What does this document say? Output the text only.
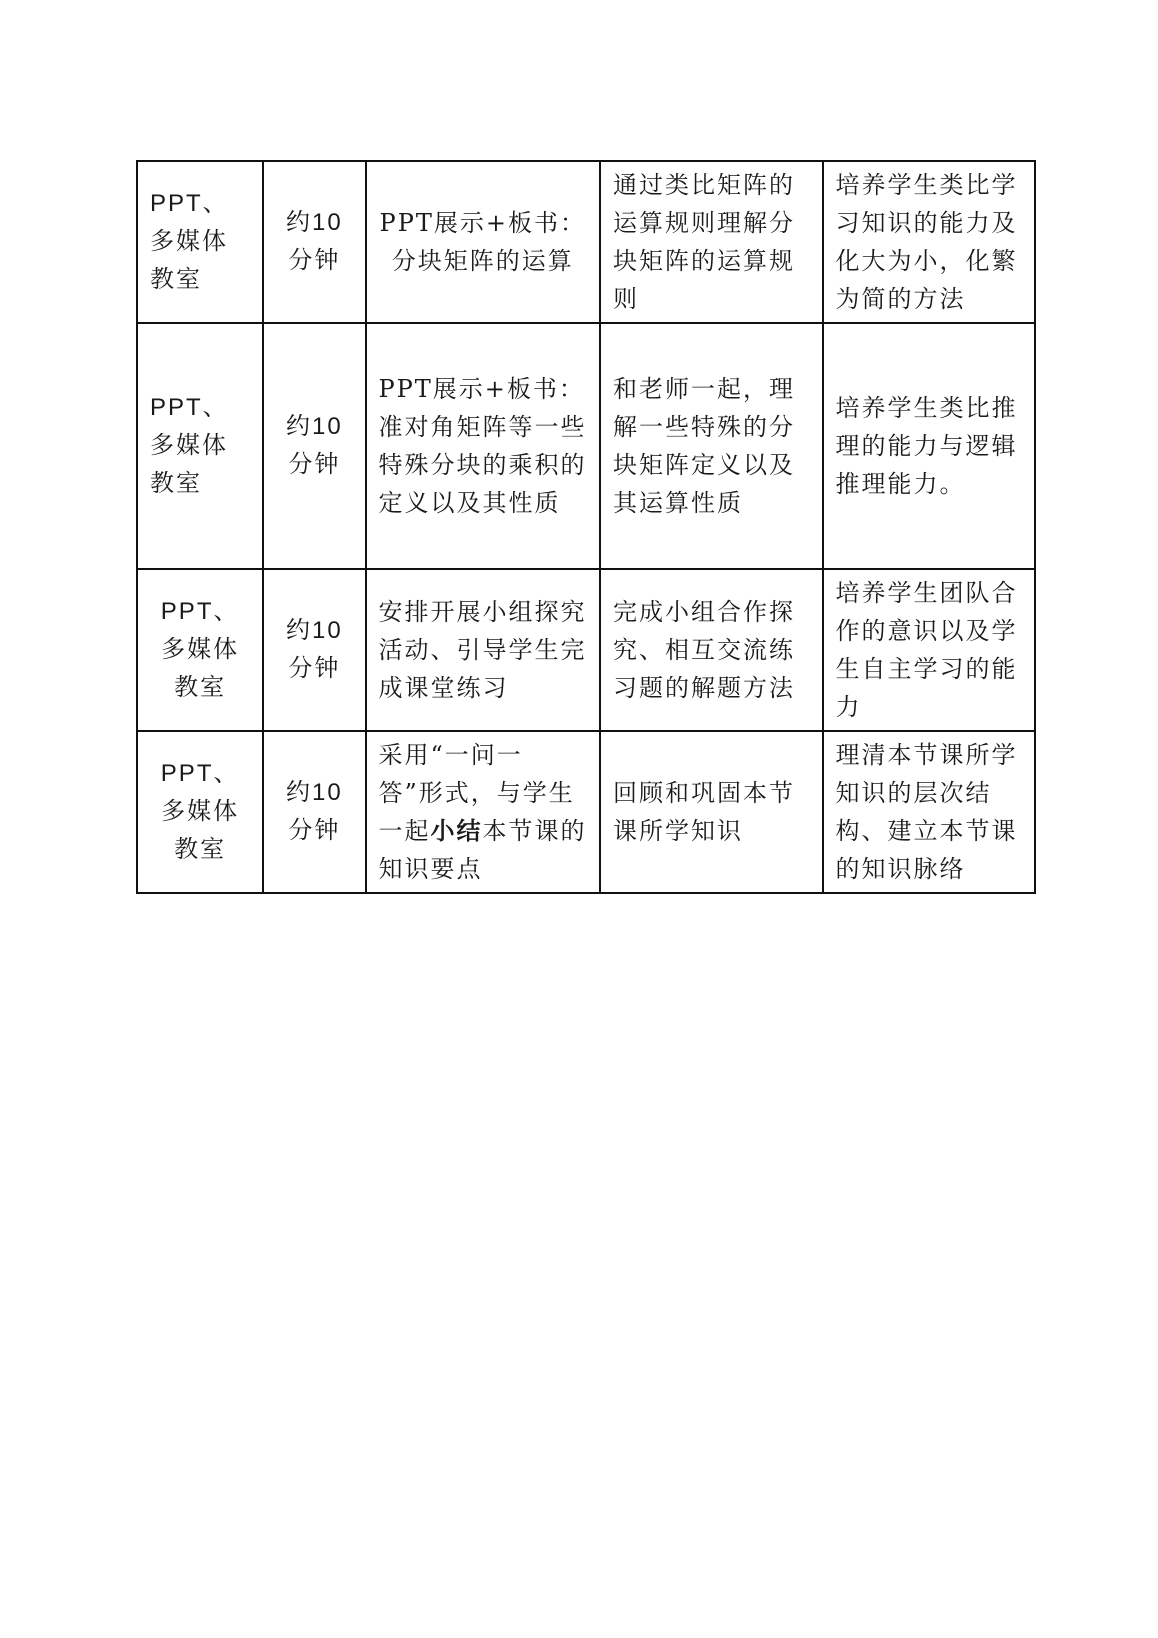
PPT、多媒体教室	约10分钟	PPT展示+板书：分块矩阵的运算	通过类比矩阵的运算规则理解分块矩阵的运算规则	培养学生类比学习知识的能力及化大为小，化繁为简的方法
PPT、多媒体教室	约10分钟	PPT展示+板书：准对角矩阵等一些特殊分块的乘积的定义以及其性质	和老师一起，理解一些特殊的分块矩阵定义以及其运算性质	培养学生类比推理的能力与逻辑推理能力。
PPT、多媒体教室	约10分钟	安排开展小组探究活动、引导学生完成课堂练习	完成小组合作探究、相互交流练习题的解题方法	培养学生团队合作的意识以及学生自主学习的能力
PPT、多媒体教室	约10分钟	采用“一问一答”形式，与学生一起小结本节课的知识要点	回顾和巩固本节课所学知识	理清本节课所学知识的层次结构、建立本节课的知识脉络
